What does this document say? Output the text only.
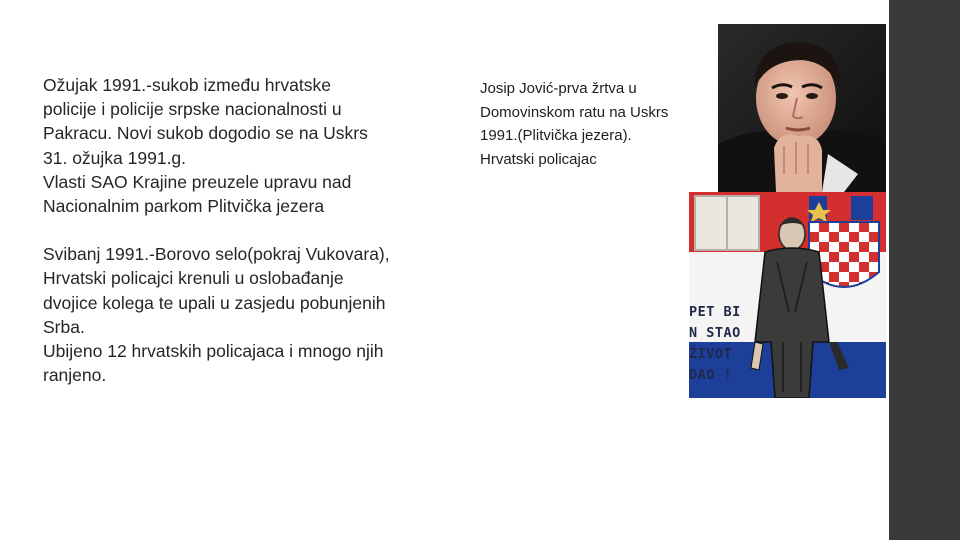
Ožujak 1991.-sukob između hrvatske
policije i policije srpske nacionalnosti u
Pakracu. Novi sukob dogodio se na Uskrs
31. ožujka 1991.g.
Vlasti SAO Krajine preuzele upravu nad
Nacionalnim parkom Plitvička jezera

Svibanj 1991.-Borovo selo(pokraj Vukovara),
Hrvatski policajci krenuli u oslobađanje
dvojice kolega te upali u zasjedu pobunjenih
Srba.
Ubijeno 12 hrvatskih policajaca i mnogo njih
ranjeno.

Josip Jović-prva žrtva u
Domovinskom ratu na Uskrs
1991.(Plitvička jezera).
Hrvatski policajac
PET BI
N STAO
ŽIVOT
DAO !
